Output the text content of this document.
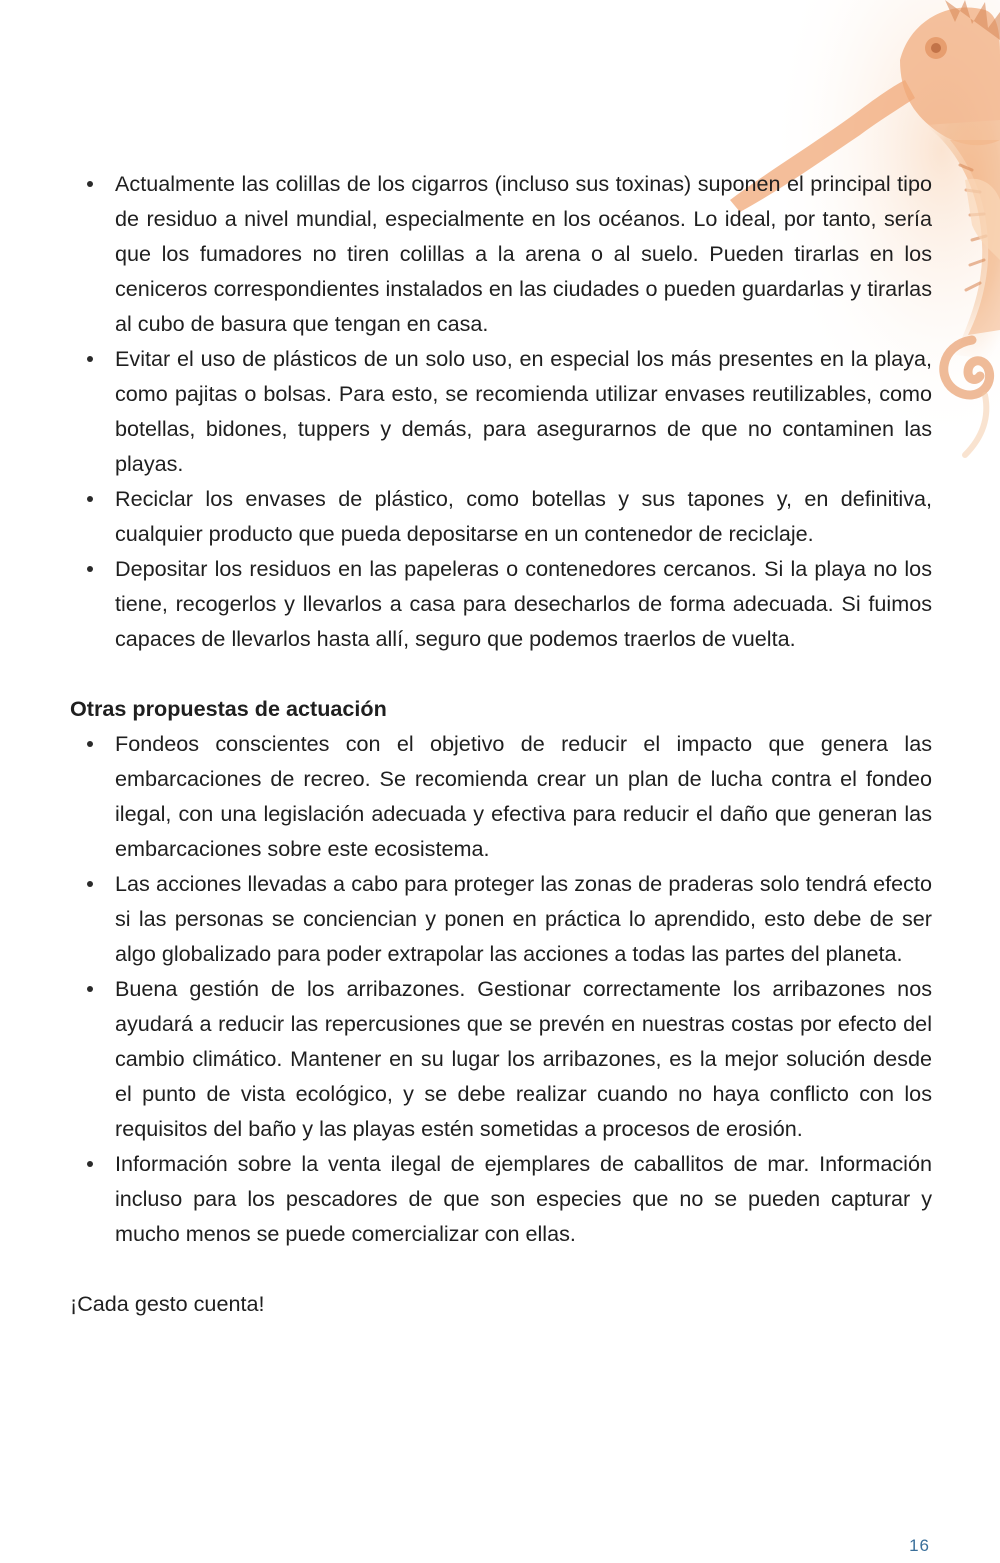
Actualmente las colillas de los cigarros (incluso sus toxinas) suponen el principal tipo de residuo a nivel mundial, especialmente en los océanos. Lo ideal, por tanto, sería que los fumadores no tiren colillas a la arena o al suelo. Pueden tirarlas en los ceniceros correspondientes instalados en las ciudades o pueden guardarlas y tirarlas al cubo de basura que tengan en casa.
Evitar el uso de plásticos de un solo uso, en especial los más presentes en la playa, como pajitas o bolsas. Para esto, se recomienda utilizar envases reutilizables, como botellas, bidones, tuppers y demás, para asegurarnos de que no contaminen las playas.
Reciclar los envases de plástico, como botellas y sus tapones y, en definitiva, cualquier producto que pueda depositarse en un contenedor de reciclaje.
Depositar los residuos en las papeleras o contenedores cercanos. Si la playa no los tiene, recogerlos y llevarlos a casa para desecharlos de forma adecuada. Si fuimos capaces de llevarlos hasta allí, seguro que podemos traerlos de vuelta.
Otras propuestas de actuación
Fondeos conscientes con el objetivo de reducir el impacto que genera las embarcaciones de recreo. Se recomienda crear un plan de lucha contra el fondeo ilegal, con una legislación adecuada y efectiva para reducir el daño que generan las embarcaciones sobre este ecosistema.
Las acciones llevadas a cabo para proteger las zonas de praderas solo tendrá efecto si las personas se conciencian y ponen en práctica lo aprendido, esto debe de ser algo globalizado para poder extrapolar las acciones a todas las partes del planeta.
Buena gestión de los arribazones. Gestionar correctamente los arribazones nos ayudará a reducir las repercusiones que se prevén en nuestras costas por efecto del cambio climático. Mantener en su lugar los arribazones, es la mejor solución desde el punto de vista ecológico, y se debe realizar cuando no haya conflicto con los requisitos del baño y las playas estén sometidas a procesos de erosión.
Información sobre la venta ilegal de ejemplares de caballitos de mar. Información incluso para los pescadores de que son especies que no se pueden capturar y mucho menos se puede comercializar con ellas.
¡Cada gesto cuenta!
16
